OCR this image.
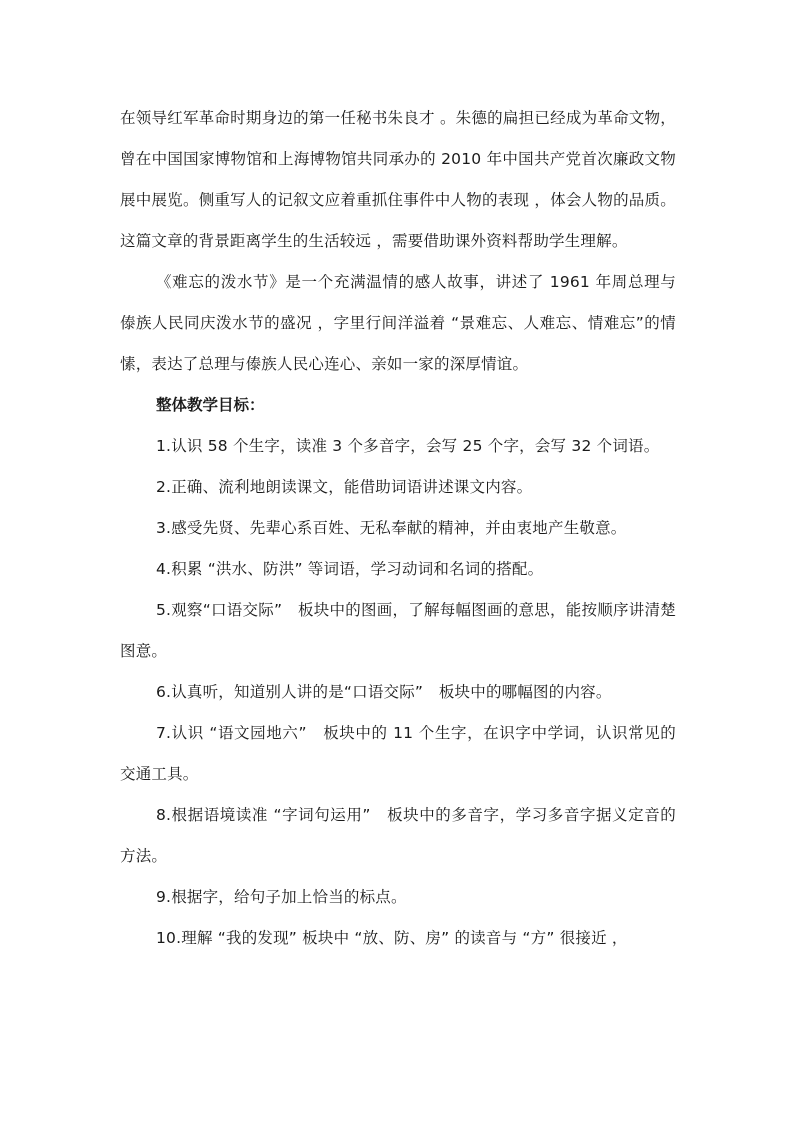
在领导红军革命时期身边的第一任秘书朱良才 。朱德的扁担已经成为革命文物，曾在中国国家博物馆和上海博物馆共同承办的 2010 年中国共产党首次廉政文物展中展览。侧重写人的记叙文应着重抓住事件中人物的表现 ，体会人物的品质。这篇文章的背景距离学生的生活较远 ，需要借助课外资料帮助学生理解。

《难忘的泼水节》是一个充满温情的感人故事，讲述了 1961 年周总理与傣族人民同庆泼水节的盛况 ，字里行间洋溢着 “景难忘、人难忘、情难忘”的情愫，表达了总理与傣族人民心连心、亲如一家的深厚情谊。

整体教学目标：

1.认识 58 个生字，读准 3 个多音字，会写 25 个字，会写 32 个词语。

2.正确、流利地朗读课文，能借助词语讲述课文内容。

3.感受先贤、先辈心系百姓、无私奉献的精神，并由衷地产生敬意。

4.积累 “洪水、防洪” 等词语，学习动词和名词的搭配。

5.观察“口语交际”　板块中的图画，了解每幅图画的意思，能按顺序讲清楚图意。

6.认真听，知道别人讲的是“口语交际”　板块中的哪幅图的内容。

7.认识 “语文园地六”　板块中的 11 个生字，在识字中学词，认识常见的交通工具。

8.根据语境读准 “字词句运用”　板块中的多音字，学习多音字据义定音的方法。

9.根据字，给句子加上恰当的标点。

10.理解 “我的发现” 板块中 “放、防、房” 的读音与 “方” 很接近 ，
